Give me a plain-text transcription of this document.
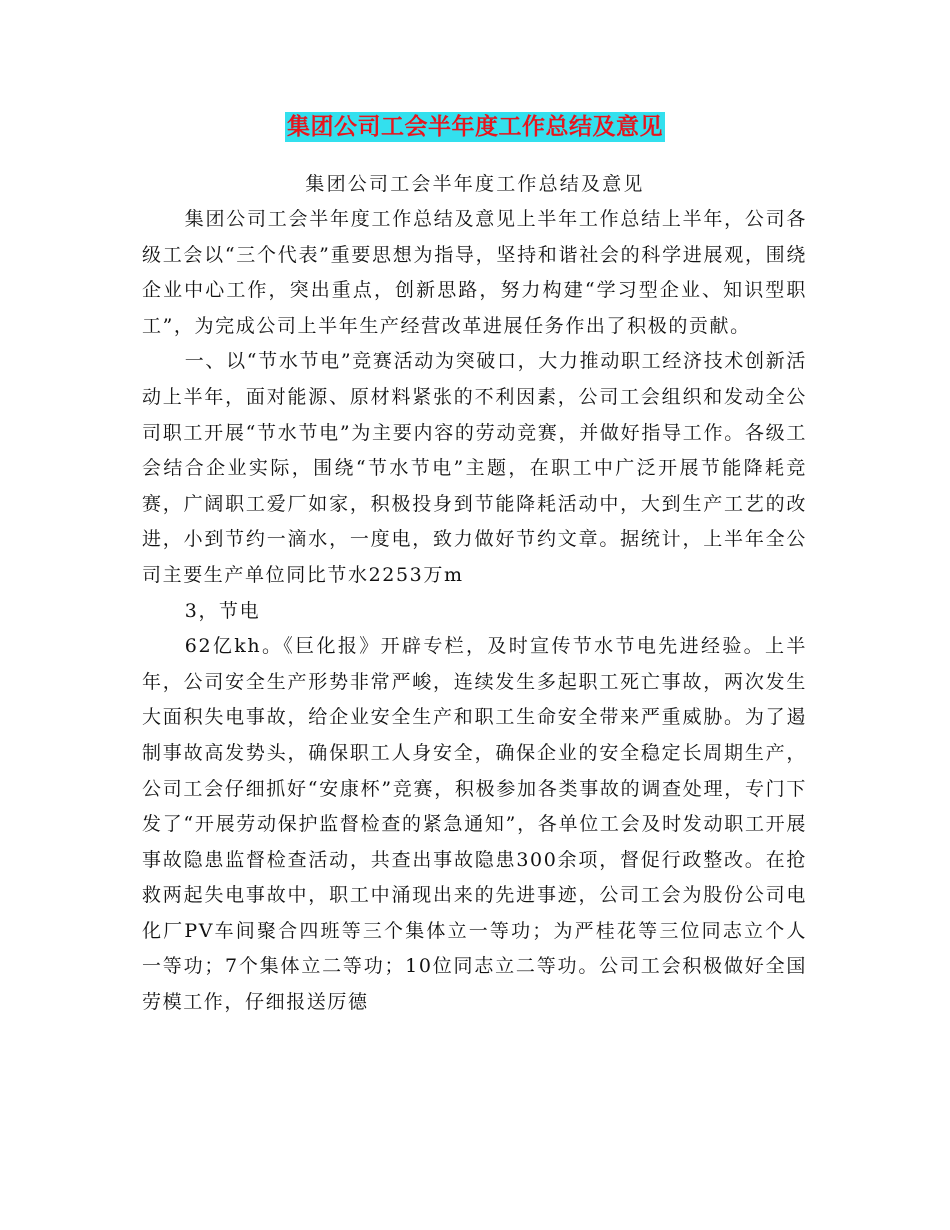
集团公司工会半年度工作总结及意见
集团公司工会半年度工作总结及意见

集团公司工会半年度工作总结及意见上半年工作总结上半年，公司各级工会以“三个代表”重要思想为指导，坚持和谐社会的科学进展观，围绕企业中心工作，突出重点，创新思路，努力构建“学习型企业、知识型职工”，为完成公司上半年生产经营改革进展任务作出了积极的贡献。

一、以“节水节电”竞赛活动为突破口，大力推动职工经济技术创新活动上半年，面对能源、原材料紧张的不利因素，公司工会组织和发动全公司职工开展“节水节电”为主要内容的劳动竞赛，并做好指导工作。各级工会结合企业实际，围绕“节水节电”主题，在职工中广泛开展节能降耗竞赛，广阔职工爱厂如家，积极投身到节能降耗活动中，大到生产工艺的改进，小到节约一滴水，一度电，致力做好节约文章。据统计，上半年全公司主要生产单位同比节水2253万m

3，节电

62亿kh。《巨化报》开辟专栏，及时宣传节水节电先进经验。上半年，公司安全生产形势非常严峻，连续发生多起职工死亡事故，两次发生大面积失电事故，给企业安全生产和职工生命安全带来严重威胁。为了遏制事故高发势头，确保职工人身安全，确保企业的安全稳定长周期生产，公司工会仔细抓好“安康杯”竞赛，积极参加各类事故的调查处理，专门下发了“开展劳动保护监督检查的紧急通知”，各单位工会及时发动职工开展事故隐患监督检查活动，共查出事故隐患300余项，督促行政整改。在抢救两起失电事故中，职工中涌现出来的先进事迹，公司工会为股份公司电化厂PV车间聚合四班等三个集体立一等功；为严桂花等三位同志立个人一等功；7个集体立二等功；10位同志立二等功。公司工会积极做好全国劳模工作，仔细报送厉德
